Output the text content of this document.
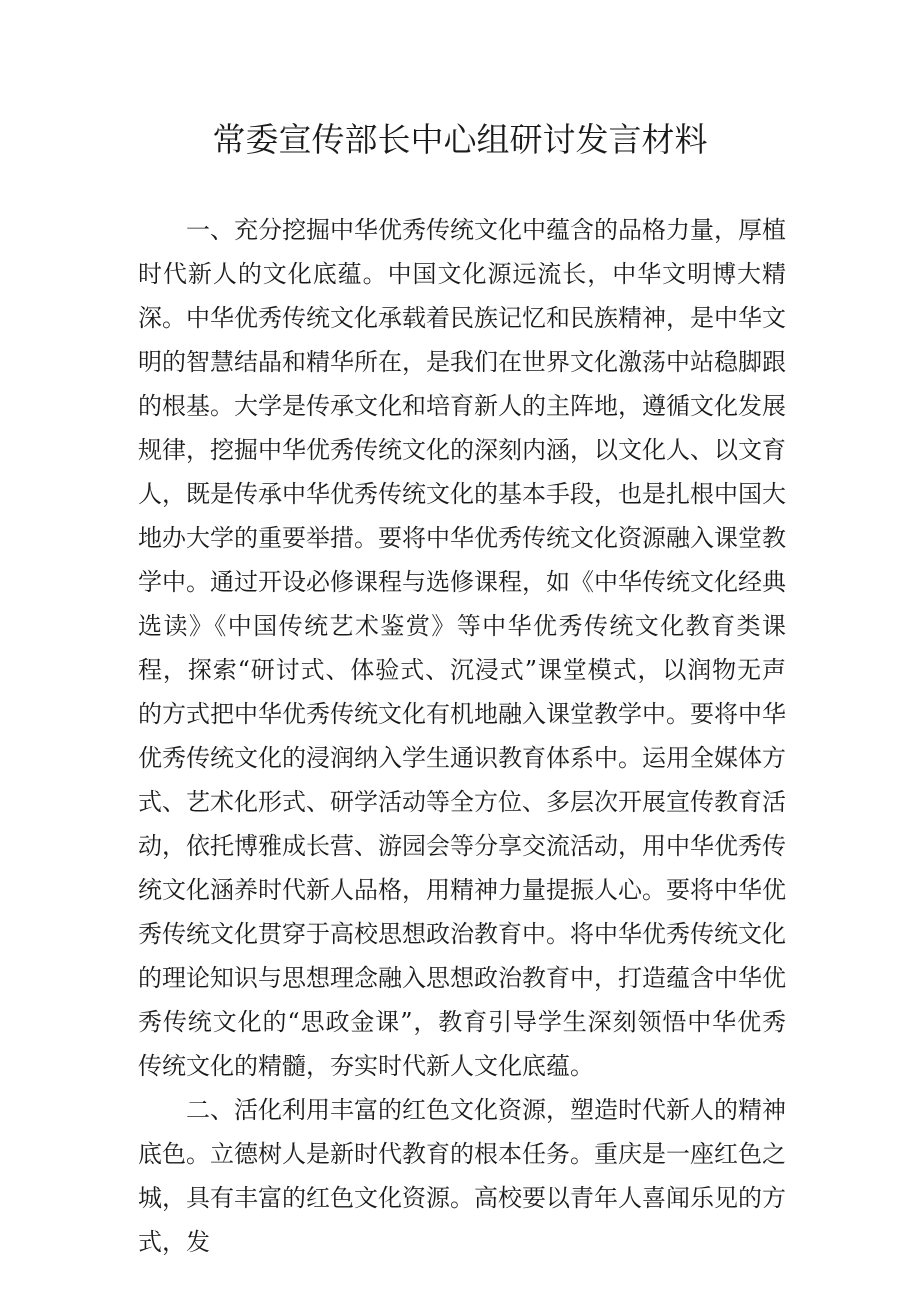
常委宣传部长中心组研讨发言材料

一、充分挖掘中华优秀传统文化中蕴含的品格力量，厚植时代新人的文化底蕴。中国文化源远流长，中华文明博大精深。中华优秀传统文化承载着民族记忆和民族精神，是中华文明的智慧结晶和精华所在，是我们在世界文化激荡中站稳脚跟的根基。大学是传承文化和培育新人的主阵地，遵循文化发展规律，挖掘中华优秀传统文化的深刻内涵，以文化人、以文育人，既是传承中华优秀传统文化的基本手段，也是扎根中国大地办大学的重要举措。要将中华优秀传统文化资源融入课堂教学中。通过开设必修课程与选修课程，如《中华传统文化经典选读》《中国传统艺术鉴赏》等中华优秀传统文化教育类课程，探索“研讨式、体验式、沉浸式”课堂模式，以润物无声的方式把中华优秀传统文化有机地融入课堂教学中。要将中华优秀传统文化的浸润纳入学生通识教育体系中。运用全媒体方式、艺术化形式、研学活动等全方位、多层次开展宣传教育活动，依托博雅成长营、游园会等分享交流活动，用中华优秀传统文化涵养时代新人品格，用精神力量提振人心。要将中华优秀传统文化贯穿于高校思想政治教育中。将中华优秀传统文化的理论知识与思想理念融入思想政治教育中，打造蕴含中华优秀传统文化的“思政金课”，教育引导学生深刻领悟中华优秀传统文化的精髓，夯实时代新人文化底蕴。

二、活化利用丰富的红色文化资源，塑造时代新人的精神底色。立德树人是新时代教育的根本任务。重庆是一座红色之城，具有丰富的红色文化资源。高校要以青年人喜闻乐见的方式，发
